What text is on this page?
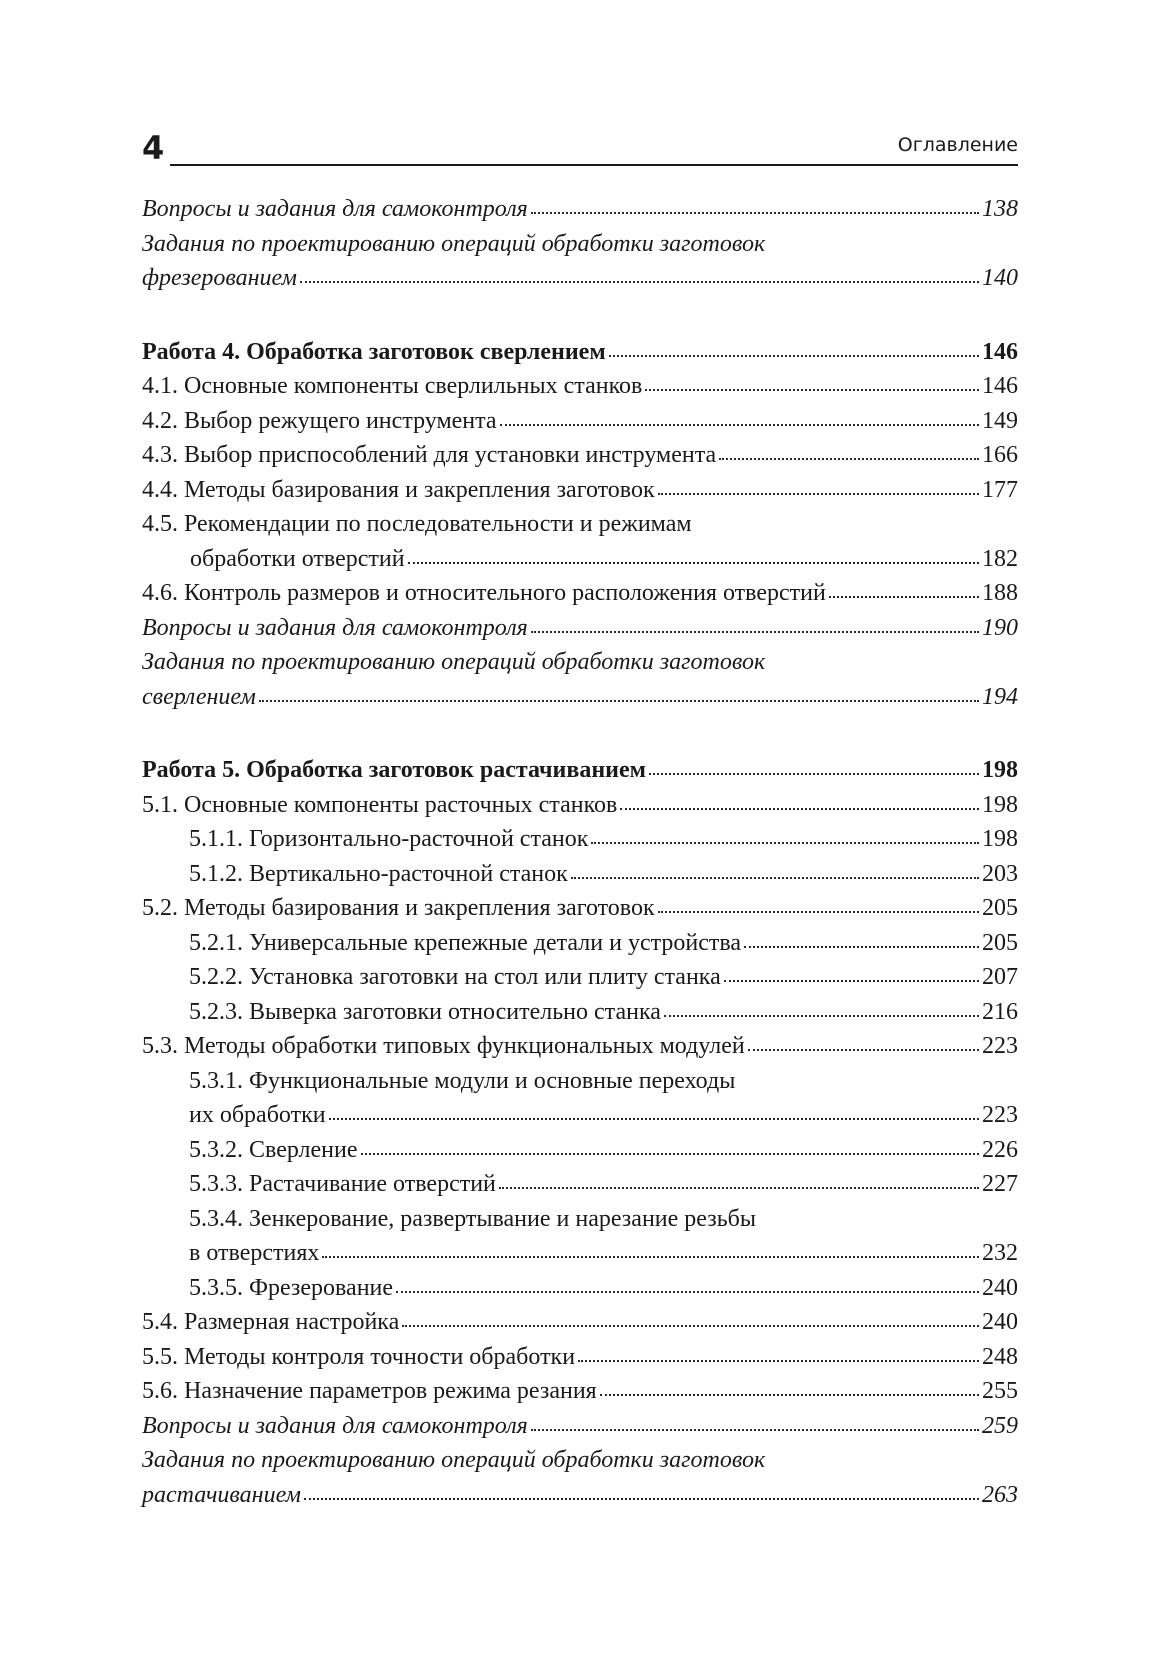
4	Оглавление
Вопросы и задания для самоконтроля	138
Задания по проектированию операций обработки заготовок
фрезерованием	140
Работа 4. Обработка заготовок сверлением	146
4.1. Основные компоненты сверлильных станков	146
4.2. Выбор режущего инструмента	149
4.3. Выбор приспособлений для установки инструмента	166
4.4. Методы базирования и закрепления заготовок	177
4.5. Рекомендации по последовательности и режимам
обработки отверстий	182
4.6. Контроль размеров и относительного расположения отверстий	188
Вопросы и задания для самоконтроля	190
Задания по проектированию операций обработки заготовок
сверлением	194
Работа 5. Обработка заготовок растачиванием	198
5.1. Основные компоненты расточных станков	198
5.1.1. Горизонтально-расточной станок	198
5.1.2. Вертикально-расточной станок	203
5.2. Методы базирования и закрепления заготовок	205
5.2.1. Универсальные крепежные детали и устройства	205
5.2.2. Установка заготовки на стол или плиту станка	207
5.2.3. Выверка заготовки относительно станка	216
5.3. Методы обработки типовых функциональных модулей	223
5.3.1. Функциональные модули и основные переходы
их обработки	223
5.3.2. Сверление	226
5.3.3. Растачивание отверстий	227
5.3.4. Зенкерование, развертывание и нарезание резьбы
в отверстиях	232
5.3.5. Фрезерование	240
5.4. Размерная настройка	240
5.5. Методы контроля точности обработки	248
5.6. Назначение параметров режима резания	255
Вопросы и задания для самоконтроля	259
Задания по проектированию операций обработки заготовок
растачиванием	263
